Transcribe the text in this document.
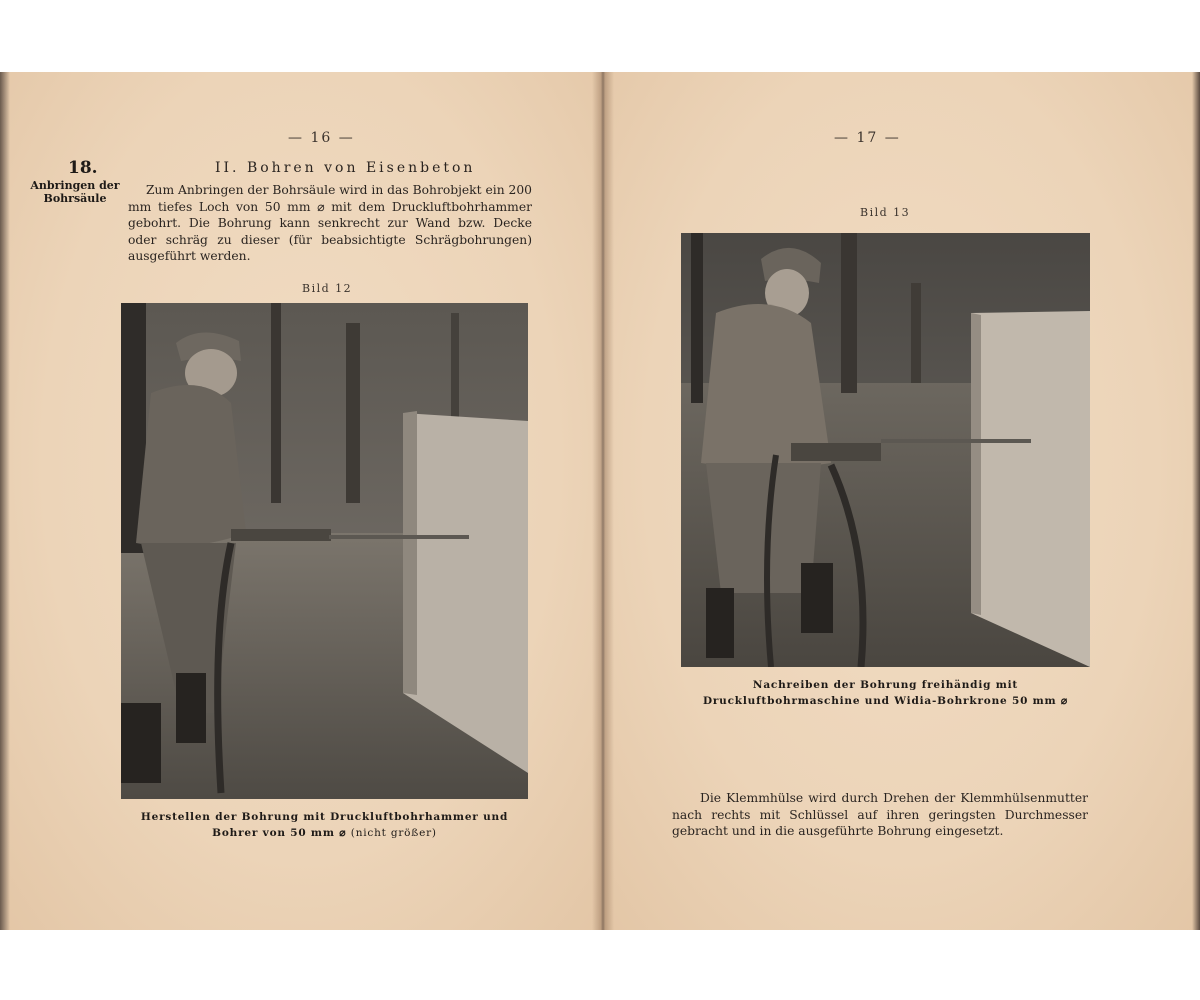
— 16 —
18.
Anbringen der Bohrsäule
II. Bohren von Eisenbeton

Zum Anbringen der Bohrsäule wird in das Bohrobjekt ein 200 mm tiefes Loch von 50 mm ⌀ mit dem Druckluftbohrhammer gebohrt. Die Bohrung kann senkrecht zur Wand bzw. Decke oder schräg zu dieser (für beabsichtigte Schrägbohrungen) ausgeführt werden.

Bild 12
Herstellen der Bohrung mit Druckluftbohrhammer und Bohrer von 50 mm ⌀ (nicht größer)
— 17 —
Bild 13
Nachreiben der Bohrung freihändig mit Druckluftbohrmaschine und Widia-Bohrkrone 50 mm ⌀

Die Klemmhülse wird durch Drehen der Klemmhülsenmutter nach rechts mit Schlüssel auf ihren geringsten Durchmesser gebracht und in die ausgeführte Bohrung eingesetzt.
